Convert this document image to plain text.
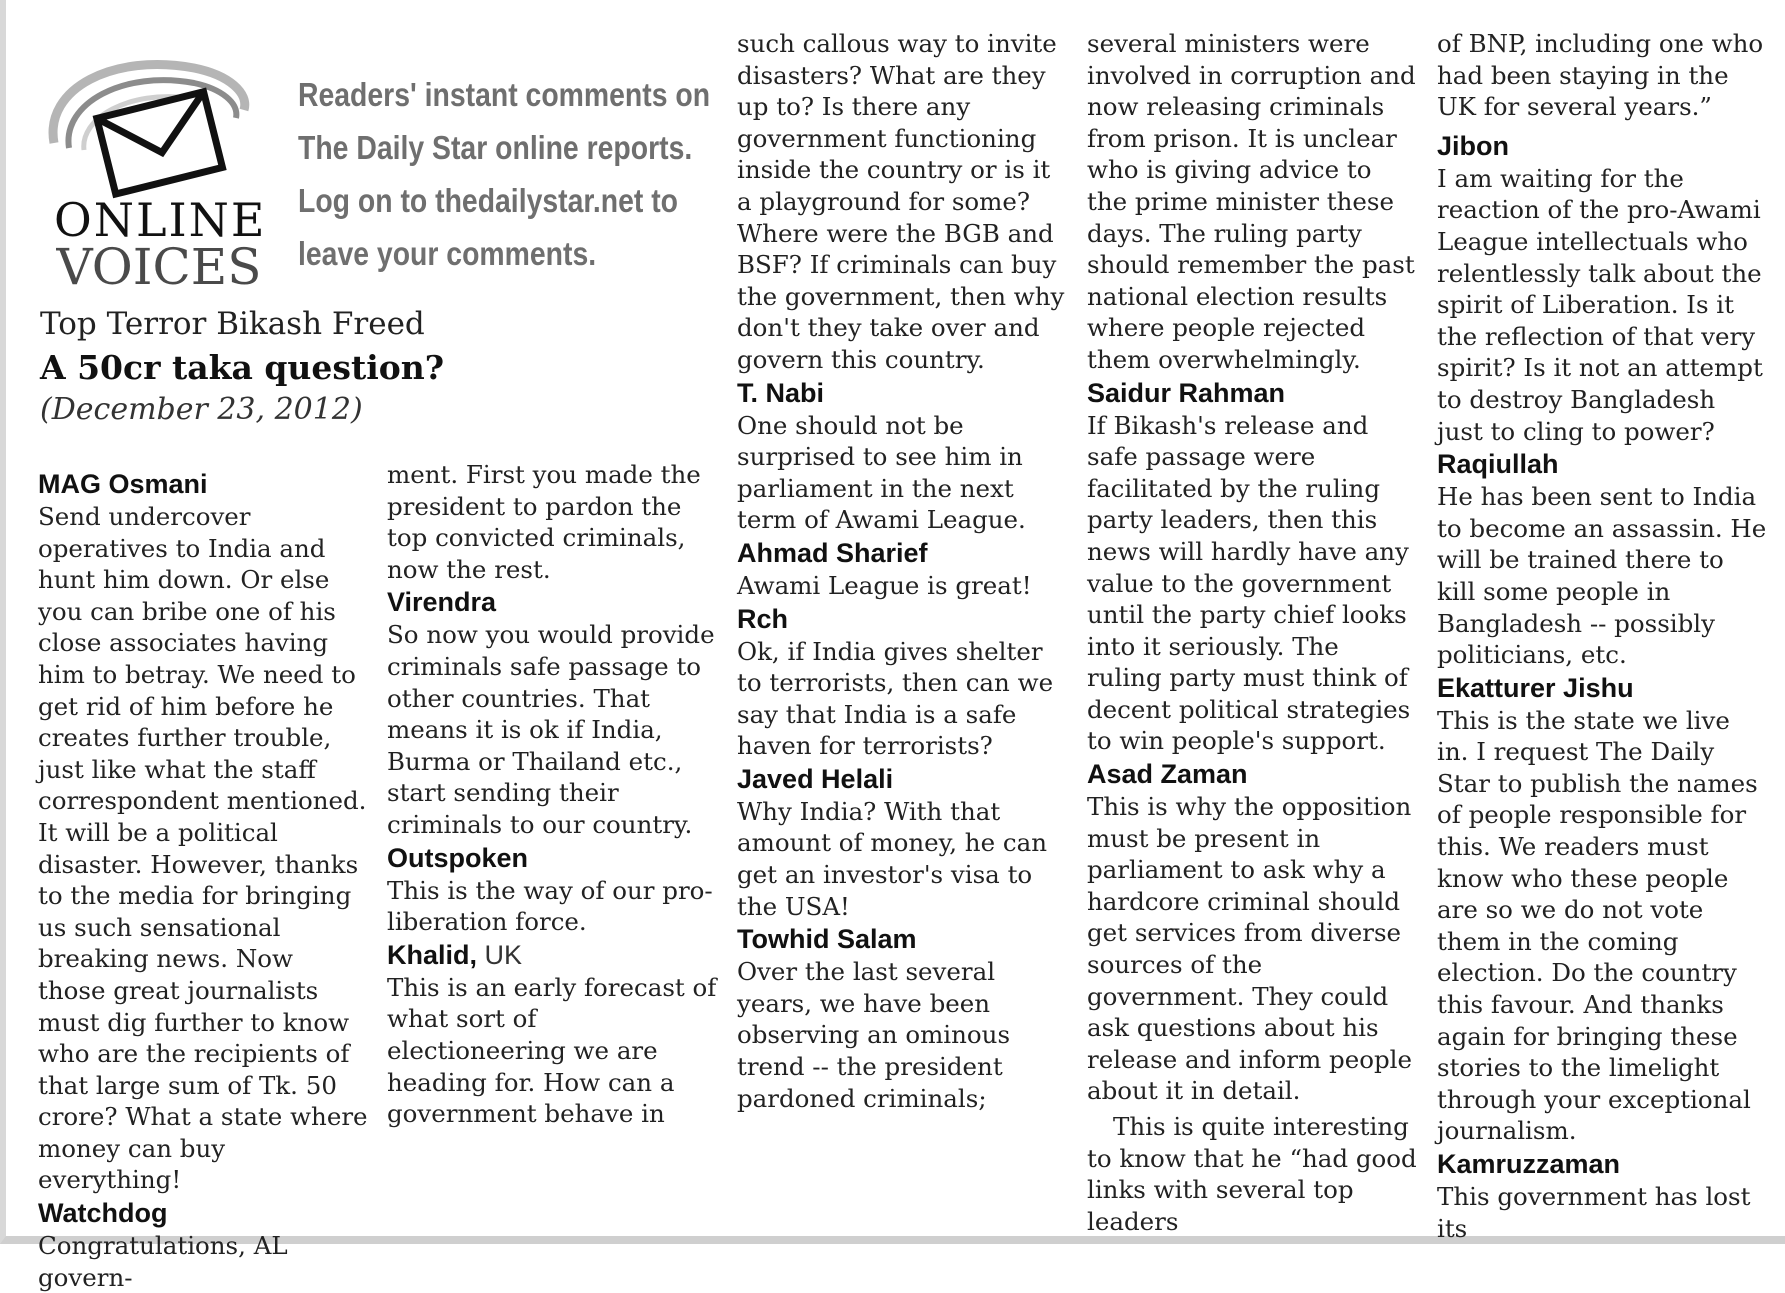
ONLINE
VOICES

Readers' instant comments on

The Daily Star online reports.

Log on to thedailystar.net to

leave your comments.

Top Terror Bikash Freed
A 50cr taka question?
(December 23, 2012)

MAG Osmani

Send undercover operatives to India and hunt him down. Or else you can bribe one of his close associates having him to betray. We need to get rid of him before he creates further trouble, just like what the staff correspondent mentioned. It will be a political disaster. However, thanks to the media for bringing us such sensational breaking news. Now those great journalists must dig further to know who are the recipients of that large sum of Tk. 50 crore? What a state where money can buy everything!

Watchdog

Congratulations, AL govern-

ment. First you made the president to pardon the top convicted criminals, now the rest.

Virendra

So now you would provide criminals safe passage to other countries. That means it is ok if India, Burma or Thailand etc., start sending their criminals to our country.

Outspoken

This is the way of our pro-liberation force.

Khalid, UK

This is an early forecast of what sort of electioneering we are heading for. How can a government behave in

such callous way to invite disasters? What are they up to? Is there any government functioning inside the country or is it a playground for some? Where were the BGB and BSF? If criminals can buy the government, then why don't they take over and govern this country.

T. Nabi

One should not be surprised to see him in parliament in the next term of Awami League.

Ahmad Sharief

Awami League is great!

Rch

Ok, if India gives shelter to terrorists, then can we say that India is a safe haven for terrorists?

Javed Helali

Why India? With that amount of money, he can get an investor's visa to the USA!

Towhid Salam

Over the last several years, we have been observing an ominous trend -- the president pardoned criminals;

several ministers were involved in corruption and now releasing criminals from prison. It is unclear who is giving advice to the prime minister these days. The ruling party should remember the past national election results where people rejected them overwhelmingly.

Saidur Rahman

If Bikash's release and safe passage were facilitated by the ruling party leaders, then this news will hardly have any value to the government until the party chief looks into it seriously. The ruling party must think of decent political strategies to win people's support.

Asad Zaman

This is why the opposition must be present in parliament to ask why a hardcore criminal should get services from diverse sources of the government. They could ask questions about his release and inform people about it in detail.

This is quite interesting to know that he “had good links with several top leaders

of BNP, including one who had been staying in the UK for several years.”

Jibon

I am waiting for the reaction of the pro-Awami League intellectuals who relentlessly talk about the spirit of Liberation. Is it the reflection of that very spirit? Is it not an attempt to destroy Bangladesh just to cling to power?

Raqiullah

He has been sent to India to become an assassin. He will be trained there to kill some people in Bangladesh -- possibly politicians, etc.

Ekatturer Jishu

This is the state we live in. I request The Daily Star to publish the names of people responsible for this. We readers must know who these people are so we do not vote them in the coming election. Do the country this favour. And thanks again for bringing these stories to the limelight through your exceptional journalism.

Kamruzzaman

This government has lost its
